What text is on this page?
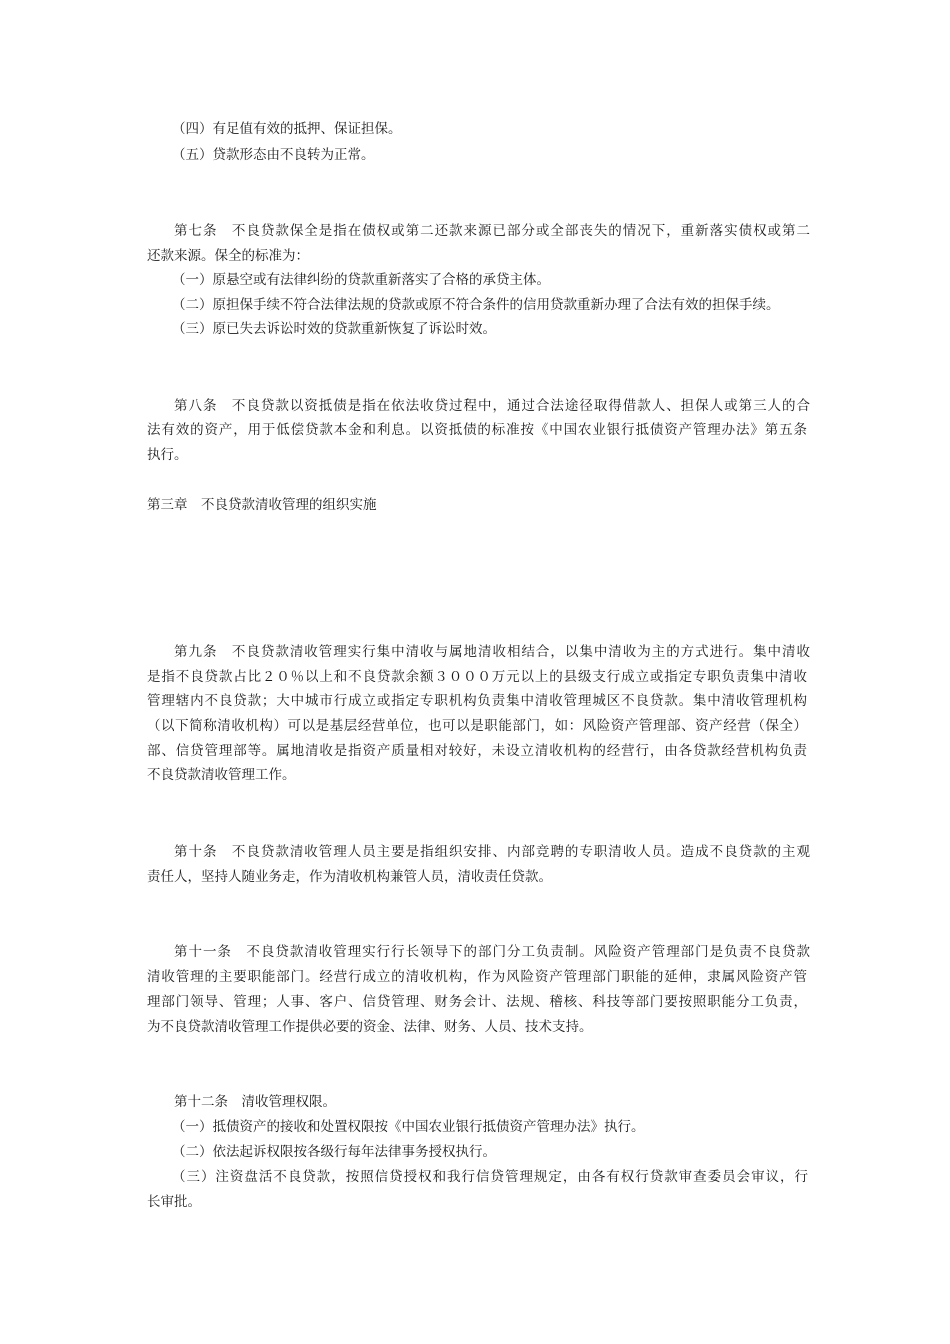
（四）有足值有效的抵押、保证担保。
（五）贷款形态由不良转为正常。
第七条　不良贷款保全是指在债权或第二还款来源已部分或全部丧失的情况下，重新落实债权或第二
还款来源。保全的标准为：
（一）原悬空或有法律纠纷的贷款重新落实了合格的承贷主体。
（二）原担保手续不符合法律法规的贷款或原不符合条件的信用贷款重新办理了合法有效的担保手续。
（三）原已失去诉讼时效的贷款重新恢复了诉讼时效。
第八条　不良贷款以资抵债是指在依法收贷过程中，通过合法途径取得借款人、担保人或第三人的合
法有效的资产，用于低偿贷款本金和利息。以资抵债的标准按《中国农业银行抵债资产管理办法》第五条
执行。
第三章　不良贷款清收管理的组织实施
第九条　不良贷款清收管理实行集中清收与属地清收相结合，以集中清收为主的方式进行。集中清收
是指不良贷款占比２０％以上和不良贷款余额３０００万元以上的县级支行成立或指定专职负责集中清收
管理辖内不良贷款；大中城市行成立或指定专职机构负责集中清收管理城区不良贷款。集中清收管理机构
（以下简称清收机构）可以是基层经营单位，也可以是职能部门，如：风险资产管理部、资产经营（保全）
部、信贷管理部等。属地清收是指资产质量相对较好，未设立清收机构的经营行，由各贷款经营机构负责
不良贷款清收管理工作。
第十条　不良贷款清收管理人员主要是指组织安排、内部竞聘的专职清收人员。造成不良贷款的主观
责任人，坚持人随业务走，作为清收机构兼管人员，清收责任贷款。
第十一条　不良贷款清收管理实行行长领导下的部门分工负责制。风险资产管理部门是负责不良贷款
清收管理的主要职能部门。经营行成立的清收机构，作为风险资产管理部门职能的延伸，隶属风险资产管
理部门领导、管理；人事、客户、信贷管理、财务会计、法规、稽核、科技等部门要按照职能分工负责，
为不良贷款清收管理工作提供必要的资金、法律、财务、人员、技术支持。
第十二条　清收管理权限。
（一）抵债资产的接收和处置权限按《中国农业银行抵债资产管理办法》执行。
（二）依法起诉权限按各级行每年法律事务授权执行。
（三）注资盘活不良贷款，按照信贷授权和我行信贷管理规定，由各有权行贷款审查委员会审议，行
长审批。
